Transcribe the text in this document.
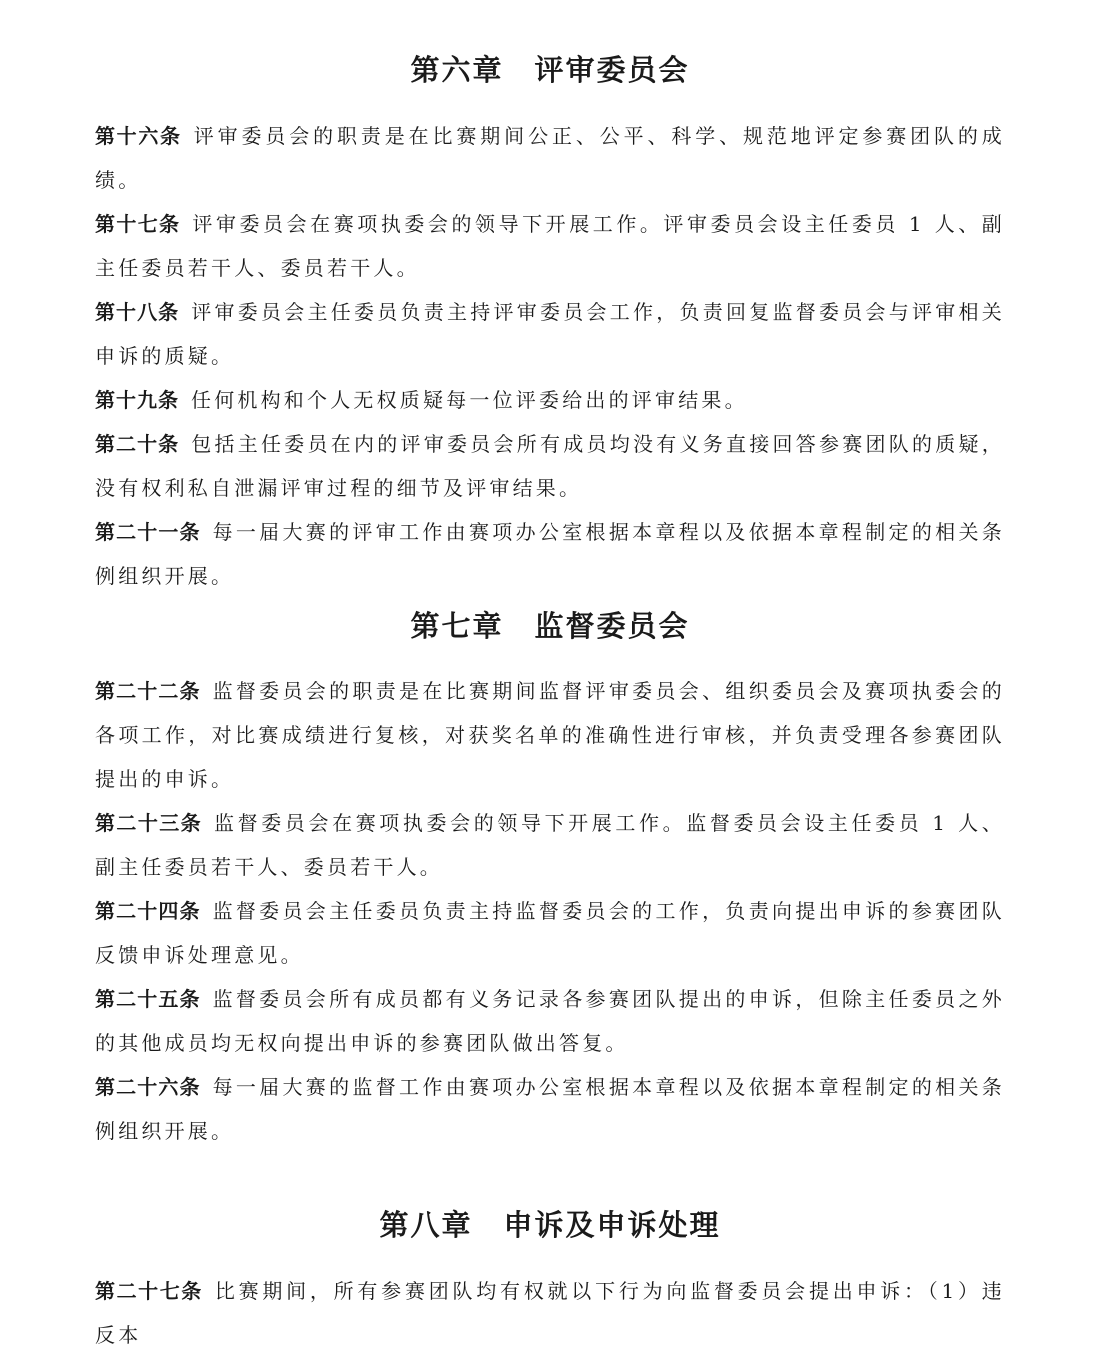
第六章　评审委员会

第十六条 评审委员会的职责是在比赛期间公正、公平、科学、规范地评定参赛团队的成绩。

第十七条 评审委员会在赛项执委会的领导下开展工作。评审委员会设主任委员 1 人、副主任委员若干人、委员若干人。

第十八条 评审委员会主任委员负责主持评审委员会工作，负责回复监督委员会与评审相关申诉的质疑。

第十九条 任何机构和个人无权质疑每一位评委给出的评审结果。

第二十条 包括主任委员在内的评审委员会所有成员均没有义务直接回答参赛团队的质疑，没有权利私自泄漏评审过程的细节及评审结果。

第二十一条 每一届大赛的评审工作由赛项办公室根据本章程以及依据本章程制定的相关条例组织开展。

第七章　监督委员会

第二十二条 监督委员会的职责是在比赛期间监督评审委员会、组织委员会及赛项执委会的各项工作，对比赛成绩进行复核，对获奖名单的准确性进行审核，并负责受理各参赛团队提出的申诉。

第二十三条 监督委员会在赛项执委会的领导下开展工作。监督委员会设主任委员 1 人、副主任委员若干人、委员若干人。

第二十四条 监督委员会主任委员负责主持监督委员会的工作，负责向提出申诉的参赛团队反馈申诉处理意见。

第二十五条 监督委员会所有成员都有义务记录各参赛团队提出的申诉，但除主任委员之外的其他成员均无权向提出申诉的参赛团队做出答复。

第二十六条 每一届大赛的监督工作由赛项办公室根据本章程以及依据本章程制定的相关条例组织开展。

第八章　申诉及申诉处理

第二十七条 比赛期间，所有参赛团队均有权就以下行为向监督委员会提出申诉：（1）违反本
